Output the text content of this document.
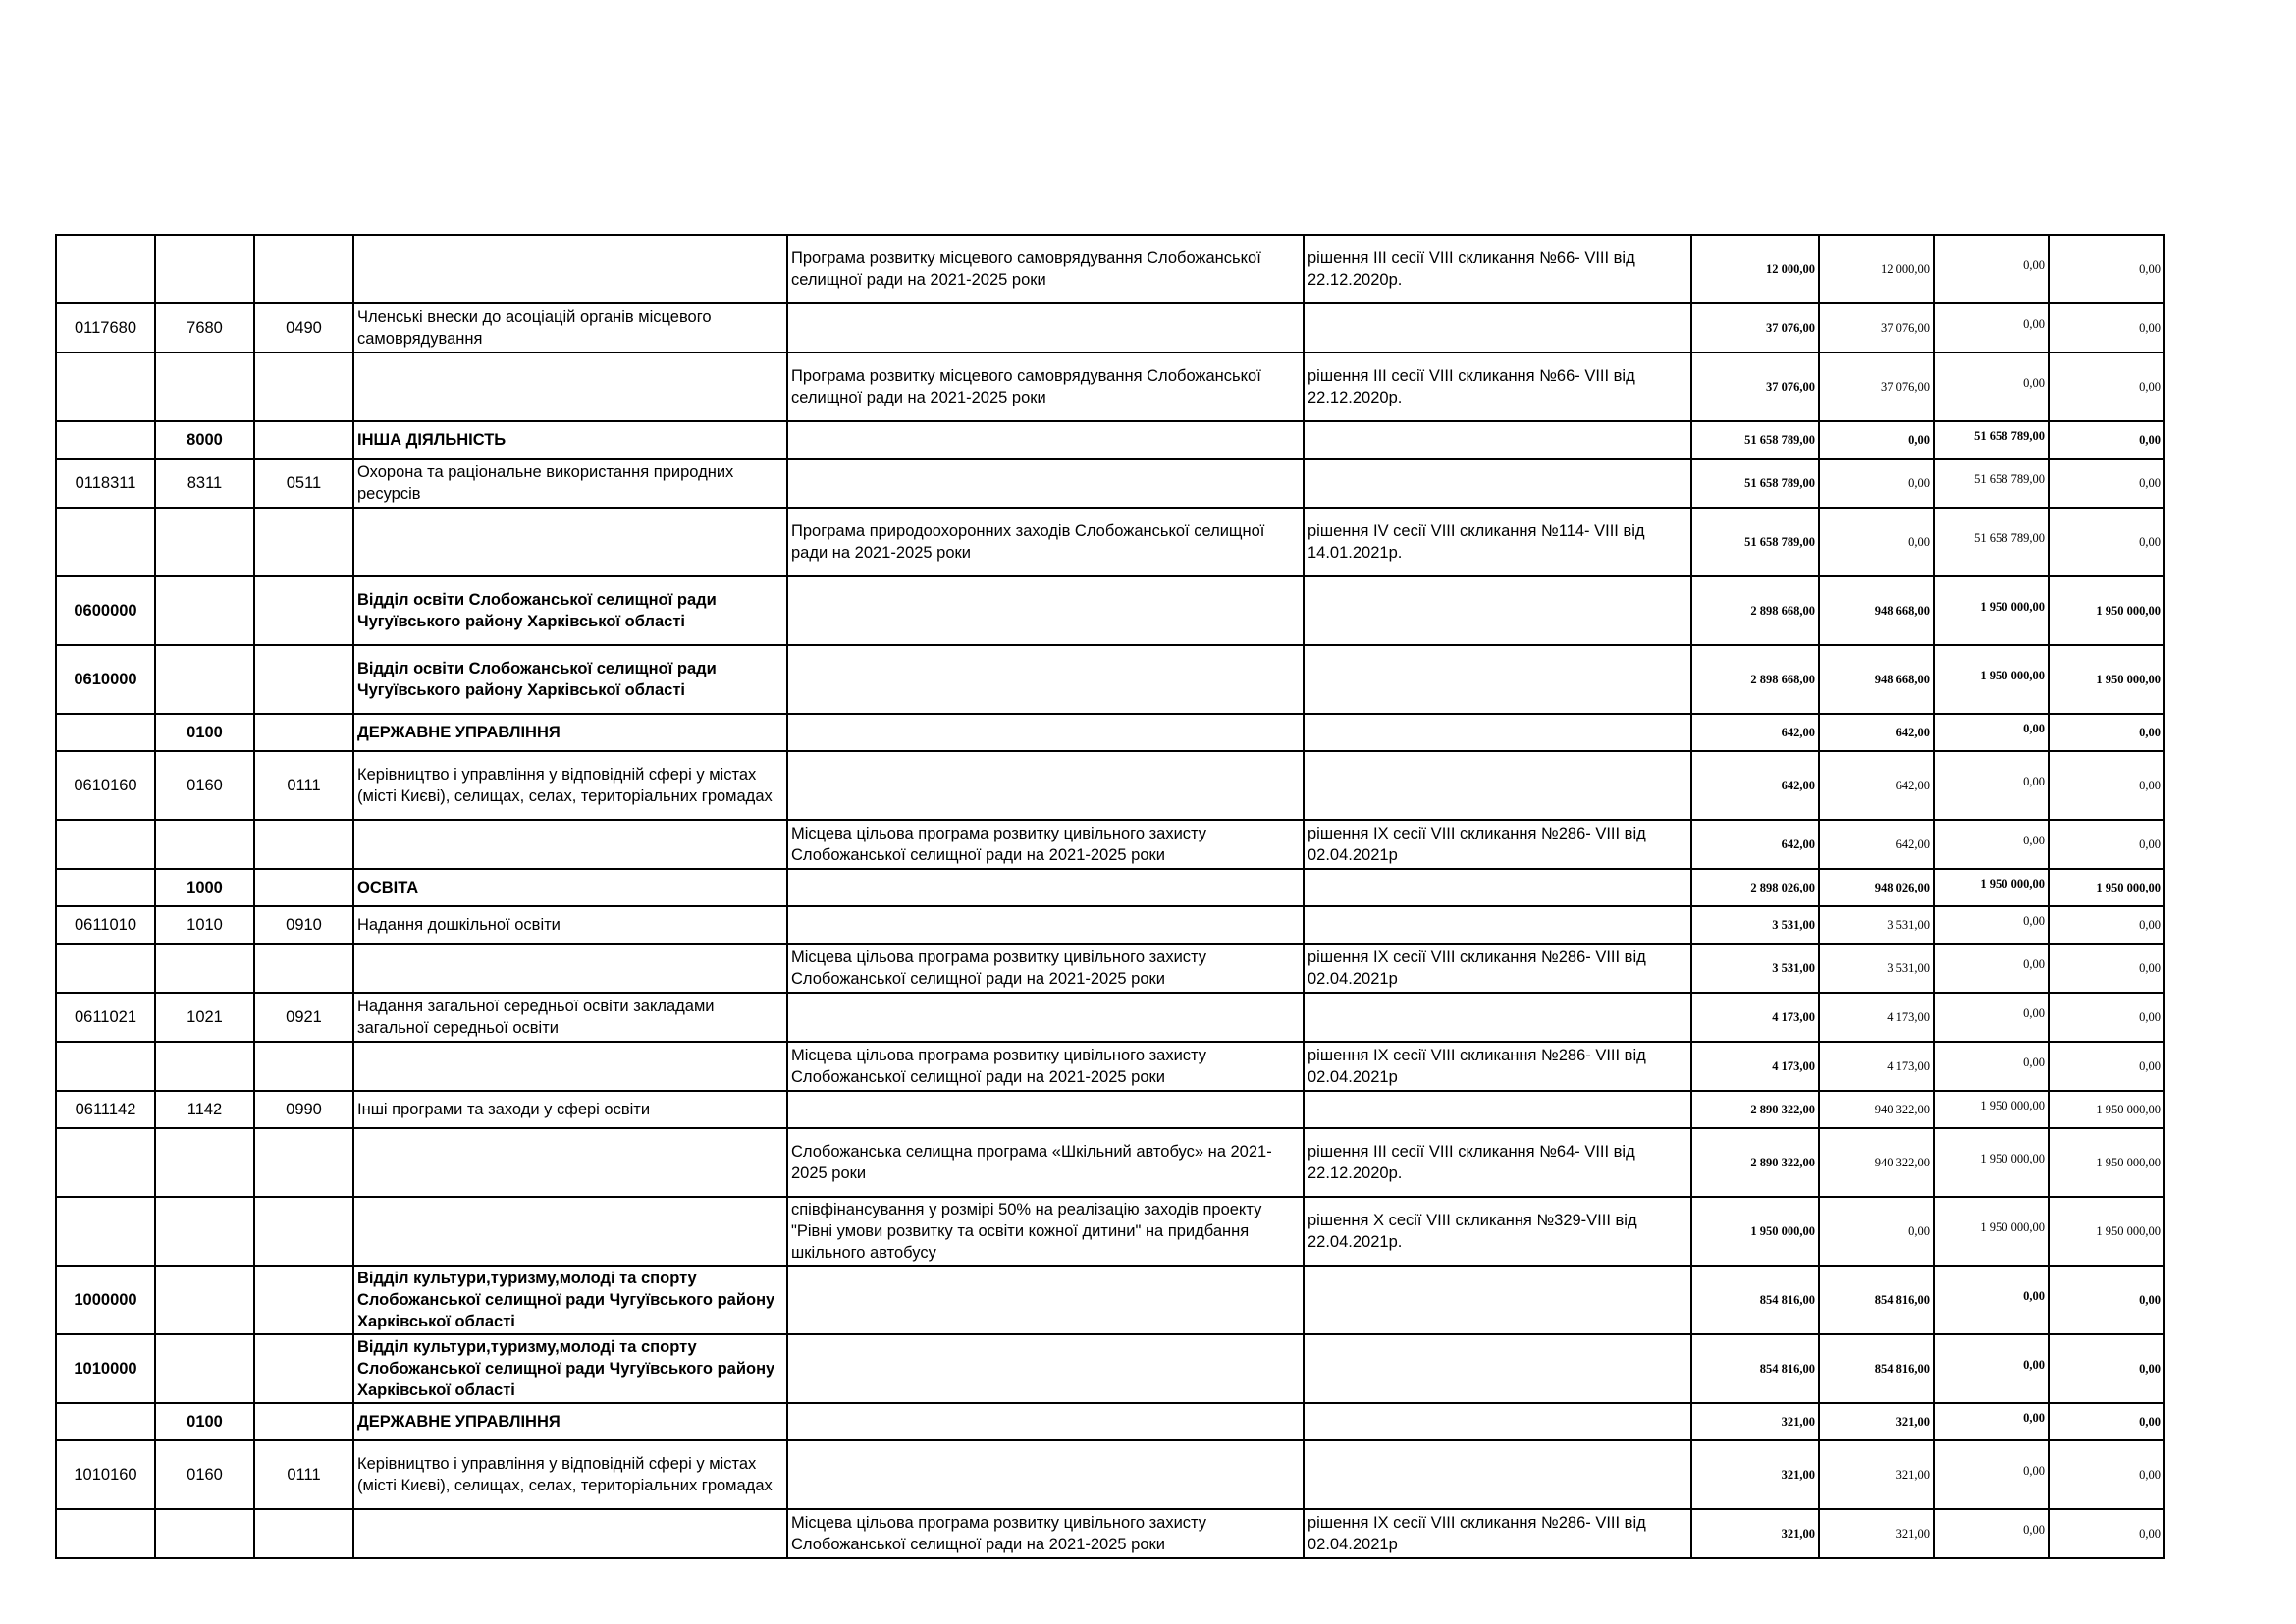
				Програма розвитку місцевого самоврядування Слобожанської селищної ради на 2021-2025 роки	рішення III сесії VIII скликання №66- VIII від 22.12.2020р.	12 000,00	12 000,00	0,00	0,00
0117680	7680	0490	Членські внески до асоціацій органів місцевого самоврядування			37 076,00	37 076,00	0,00	0,00
				Програма розвитку місцевого самоврядування Слобожанської селищної ради на 2021-2025 роки	рішення III сесії VIII скликання №66- VIII від 22.12.2020р.	37 076,00	37 076,00	0,00	0,00
	8000		ІНША ДІЯЛЬНІСТЬ			51 658 789,00	0,00	51 658 789,00	0,00
0118311	8311	0511	Охорона та раціональне використання природних ресурсів			51 658 789,00	0,00	51 658 789,00	0,00
				Програма природоохоронних заходів Слобожанської селищної ради на 2021-2025 роки	рішення IV сесії VIII скликання №114- VIII від 14.01.2021р.	51 658 789,00	0,00	51 658 789,00	0,00
0600000			Відділ освіти Слобожанської селищної ради Чугуївського району Харківської області			2 898 668,00	948 668,00	1 950 000,00	1 950 000,00
0610000			Відділ освіти Слобожанської селищної ради Чугуївського району Харківської області			2 898 668,00	948 668,00	1 950 000,00	1 950 000,00
	0100		ДЕРЖАВНЕ УПРАВЛІННЯ			642,00	642,00	0,00	0,00
0610160	0160	0111	Керівництво і управління у відповідній сфері у містах (місті Києві), селищах, селах, територіальних громадах			642,00	642,00	0,00	0,00
				Місцева цільова програма розвитку цивільного захисту Слобожанської селищної ради на 2021-2025 роки	рішення IX сесії VIII скликання №286- VIII від 02.04.2021р	642,00	642,00	0,00	0,00
	1000		ОСВІТА			2 898 026,00	948 026,00	1 950 000,00	1 950 000,00
0611010	1010	0910	Надання дошкільної освіти			3 531,00	3 531,00	0,00	0,00
				Місцева цільова програма розвитку цивільного захисту Слобожанської селищної ради на 2021-2025 роки	рішення IX сесії VIII скликання №286- VIII від 02.04.2021р	3 531,00	3 531,00	0,00	0,00
0611021	1021	0921	Надання загальної середньої освіти закладами загальної середньої освіти			4 173,00	4 173,00	0,00	0,00
				Місцева цільова програма розвитку цивільного захисту Слобожанської селищної ради на 2021-2025 роки	рішення IX сесії VIII скликання №286- VIII від 02.04.2021р	4 173,00	4 173,00	0,00	0,00
0611142	1142	0990	Інші програми та заходи у сфері освіти			2 890 322,00	940 322,00	1 950 000,00	1 950 000,00
				Слобожанська селищна програма «Шкільний автобус» на 2021-2025 роки	рішення III сесії VIII скликання №64- VIII від 22.12.2020р.	2 890 322,00	940 322,00	1 950 000,00	1 950 000,00
				співфінансування у розмірі 50% на реалізацію заходів проекту "Рівні умови розвитку та освіти кожної дитини" на придбання шкільного автобусу	рішення X сесії VIII скликання №329-VIII від 22.04.2021р.	1 950 000,00	0,00	1 950 000,00	1 950 000,00
1000000			Відділ культури,туризму,молоді та спорту Слобожанської селищної ради Чугуївського району Харківської області			854 816,00	854 816,00	0,00	0,00
1010000			Відділ культури,туризму,молоді та спорту Слобожанської селищної ради Чугуївського району Харківської області			854 816,00	854 816,00	0,00	0,00
	0100		ДЕРЖАВНЕ УПРАВЛІННЯ			321,00	321,00	0,00	0,00
1010160	0160	0111	Керівництво і управління у відповідній сфері у містах (місті Києві), селищах, селах, територіальних громадах			321,00	321,00	0,00	0,00
				Місцева цільова програма розвитку цивільного захисту Слобожанської селищної ради на 2021-2025 роки	рішення IX сесії VIII скликання №286- VIII від 02.04.2021р	321,00	321,00	0,00	0,00
